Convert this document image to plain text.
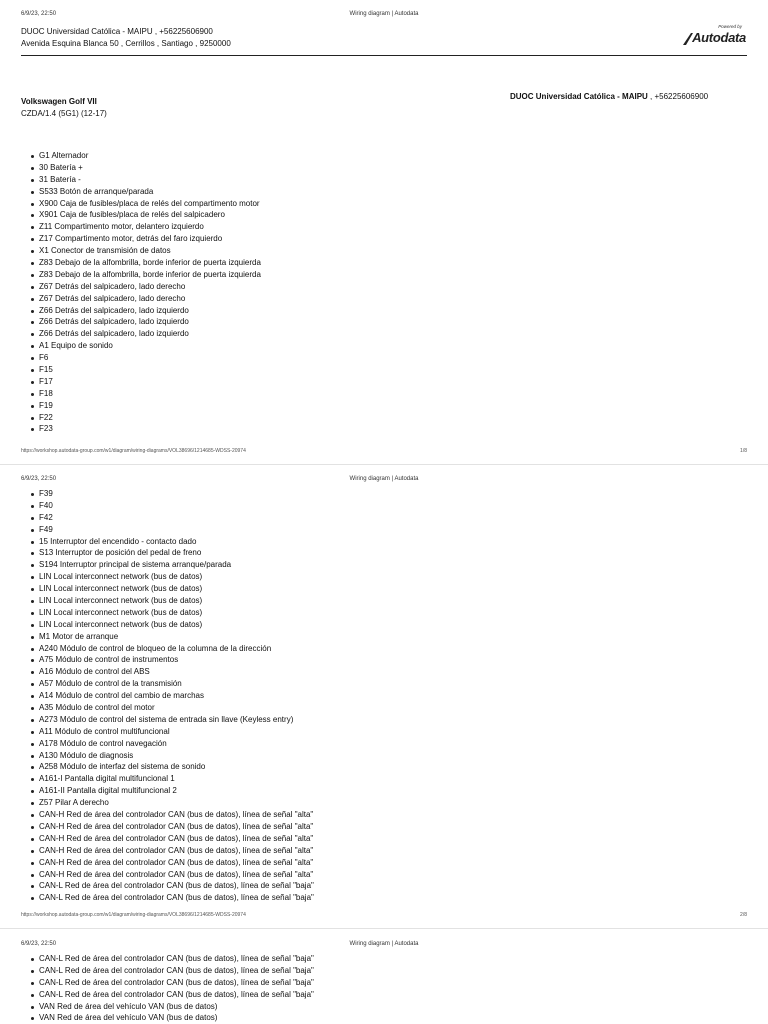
6/9/23, 22:50	Wiring diagram | Autodata
DUOC Universidad Católica - MAIPU , +56225606900
Avenida Esquina Blanca 50 , Cerrillos , Santiago , 9250000
Powered by
Autodata
Volkswagen Golf VII
CZDA/1.4 (5G1) (12-17)
DUOC Universidad Católica - MAIPU , +56225606900
G1 Alternador
30 Batería +
31 Batería -
S533 Botón de arranque/parada
X900 Caja de fusibles/placa de relés del compartimento motor
X901 Caja de fusibles/placa de relés del salpicadero
Z11 Compartimento motor, delantero izquierdo
Z17 Compartimento motor, detrás del faro izquierdo
X1 Conector de transmisión de datos
Z83 Debajo de la alfombrilla, borde inferior de puerta izquierda
Z83 Debajo de la alfombrilla, borde inferior de puerta izquierda
Z67 Detrás del salpicadero, lado derecho
Z67 Detrás del salpicadero, lado derecho
Z66 Detrás del salpicadero, lado izquierdo
Z66 Detrás del salpicadero, lado izquierdo
Z66 Detrás del salpicadero, lado izquierdo
A1 Equipo de sonido
F6
F15
F17
F18
F19
F22
F23
https://workshop.autodata-group.com/w1/diagram/wiring-diagrams/VOL38696/1214685-WDSS-20974	1/8
6/9/23, 22:50	Wiring diagram | Autodata
F39
F40
F42
F49
15 Interruptor del encendido - contacto dado
S13 Interruptor de posición del pedal de freno
S194 Interruptor principal de sistema arranque/parada
LIN Local interconnect network (bus de datos)
LIN Local interconnect network (bus de datos)
LIN Local interconnect network (bus de datos)
LIN Local interconnect network (bus de datos)
LIN Local interconnect network (bus de datos)
M1 Motor de arranque
A240 Módulo de control de bloqueo de la columna de la dirección
A75 Módulo de control de instrumentos
A16 Módulo de control del ABS
A57 Módulo de control de la transmisión
A14 Módulo de control del cambio de marchas
A35 Módulo de control del motor
A273 Módulo de control del sistema de entrada sin llave (Keyless entry)
A11 Módulo de control multifuncional
A178 Módulo de control navegación
A130 Módulo de diagnosis
A258 Módulo de interfaz del sistema de sonido
A161-I Pantalla digital multifuncional 1
A161-II Pantalla digital multifuncional 2
Z57 Pilar A derecho
CAN-H Red de área del controlador CAN (bus de datos), línea de señal "alta"
CAN-H Red de área del controlador CAN (bus de datos), línea de señal "alta"
CAN-H Red de área del controlador CAN (bus de datos), línea de señal "alta"
CAN-H Red de área del controlador CAN (bus de datos), línea de señal "alta"
CAN-H Red de área del controlador CAN (bus de datos), línea de señal "alta"
CAN-H Red de área del controlador CAN (bus de datos), línea de señal "alta"
CAN-L Red de área del controlador CAN (bus de datos), línea de señal "baja"
CAN-L Red de área del controlador CAN (bus de datos), línea de señal "baja"
https://workshop.autodata-group.com/w1/diagram/wiring-diagrams/VOL38696/1214685-WDSS-20974	2/8
6/9/23, 22:50	Wiring diagram | Autodata
CAN-L Red de área del controlador CAN (bus de datos), línea de señal "baja"
CAN-L Red de área del controlador CAN (bus de datos), línea de señal "baja"
CAN-L Red de área del controlador CAN (bus de datos), línea de señal "baja"
CAN-L Red de área del controlador CAN (bus de datos), línea de señal "baja"
VAN Red de área del vehículo VAN (bus de datos)
VAN Red de área del vehículo VAN (bus de datos)
